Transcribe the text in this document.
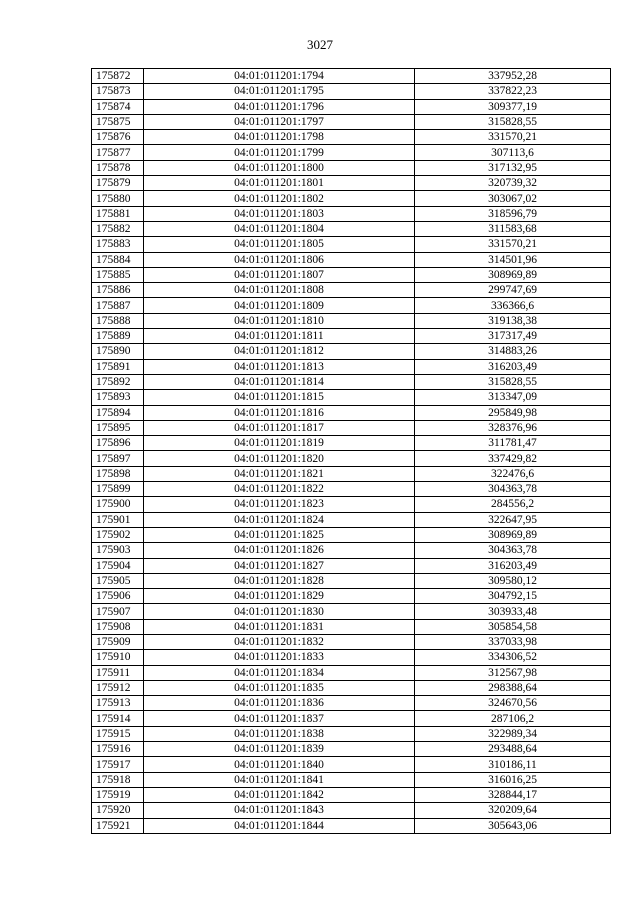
3027
175872	04:01:011201:1794	337952,28
175873	04:01:011201:1795	337822,23
175874	04:01:011201:1796	309377,19
175875	04:01:011201:1797	315828,55
175876	04:01:011201:1798	331570,21
175877	04:01:011201:1799	307113,6
175878	04:01:011201:1800	317132,95
175879	04:01:011201:1801	320739,32
175880	04:01:011201:1802	303067,02
175881	04:01:011201:1803	318596,79
175882	04:01:011201:1804	311583,68
175883	04:01:011201:1805	331570,21
175884	04:01:011201:1806	314501,96
175885	04:01:011201:1807	308969,89
175886	04:01:011201:1808	299747,69
175887	04:01:011201:1809	336366,6
175888	04:01:011201:1810	319138,38
175889	04:01:011201:1811	317317,49
175890	04:01:011201:1812	314883,26
175891	04:01:011201:1813	316203,49
175892	04:01:011201:1814	315828,55
175893	04:01:011201:1815	313347,09
175894	04:01:011201:1816	295849,98
175895	04:01:011201:1817	328376,96
175896	04:01:011201:1819	311781,47
175897	04:01:011201:1820	337429,82
175898	04:01:011201:1821	322476,6
175899	04:01:011201:1822	304363,78
175900	04:01:011201:1823	284556,2
175901	04:01:011201:1824	322647,95
175902	04:01:011201:1825	308969,89
175903	04:01:011201:1826	304363,78
175904	04:01:011201:1827	316203,49
175905	04:01:011201:1828	309580,12
175906	04:01:011201:1829	304792,15
175907	04:01:011201:1830	303933,48
175908	04:01:011201:1831	305854,58
175909	04:01:011201:1832	337033,98
175910	04:01:011201:1833	334306,52
175911	04:01:011201:1834	312567,98
175912	04:01:011201:1835	298388,64
175913	04:01:011201:1836	324670,56
175914	04:01:011201:1837	287106,2
175915	04:01:011201:1838	322989,34
175916	04:01:011201:1839	293488,64
175917	04:01:011201:1840	310186,11
175918	04:01:011201:1841	316016,25
175919	04:01:011201:1842	328844,17
175920	04:01:011201:1843	320209,64
175921	04:01:011201:1844	305643,06
